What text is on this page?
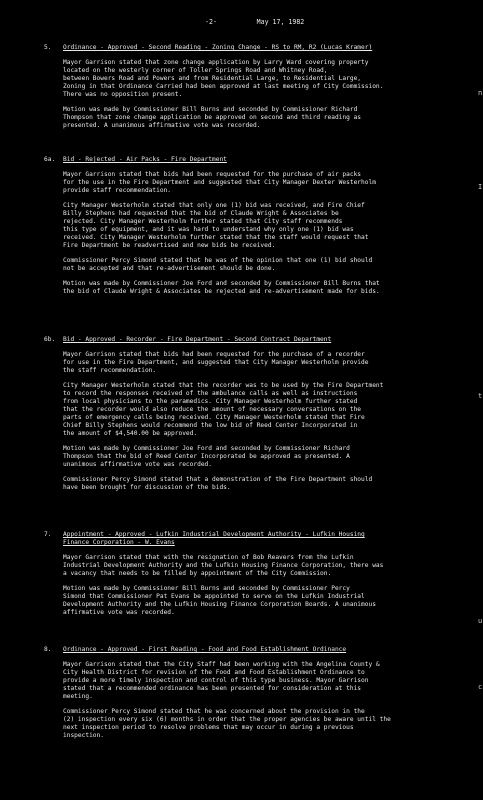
-2-	May 17, 1982
5. Ordinance - Approved - Second Reading - Zoning Change - RS to RM, R2 (Lucas Kramer)
Mayor Garrison stated that zone change application by Larry Ward covering property
located on the westerly corner of Toller Springs Road and Whitney Road,
between Bowers Road and Powers and from Residential Large, to Residential Large,
Zoning in that Ordinance Carried had been approved at last meeting of City Commission.
There was no opposition present.
Motion was made by Commissioner Bill Burns and seconded by Commissioner Richard
Thompson that zone change application be approved on second and third reading as
presented. A unanimous affirmative vote was recorded.
6a. Bid - Rejected - Air Packs - Fire Department
Mayor Garrison stated that bids had been requested for the purchase of air packs
for the use in the Fire Department and suggested that City Manager Dexter Westerholm
provide staff recommendation.
City Manager Westerholm stated that only one (1) bid was received, and Fire Chief
Billy Stephens had requested that the bid of Claude Wright & Associates be
rejected. City Manager Westerholm further stated that City staff recommends
this type of equipment, and it was hard to understand why only one (1) bid was
received. City Manager Westerholm further stated that the staff would request that
Fire Department be readvertised and new bids be received.
Commissioner Percy Simond stated that he was of the opinion that one (1) bid should
not be accepted and that re-advertisement should be done.
Motion was made by Commissioner Joe Ford and seconded by Commissioner Bill Burns that
the bid of Claude Wright & Associates be rejected and re-advertisement made for bids.
6b. Bid - Approved - Recorder - Fire Department - Second Contract Department
Mayor Garrison stated that bids had been requested for the purchase of a recorder
for use in the Fire Department, and suggested that City Manager Westerholm provide
the staff recommendation.
City Manager Westerholm stated that the recorder was to be used by the Fire Department
to record the responses received of the ambulance calls as well as instructions
from local physicians to the paramedics. City Manager Westerholm further stated
that the recorder would also reduce the amount of necessary conversations on the
parts of emergency calls being received. City Manager Westerholm stated that Fire
Chief Billy Stephens would recommend the low bid of Reed Center Incorporated in
the amount of $4,540.00 be approved.
Motion was made by Commissioner Joe Ford and seconded by Commissioner Richard
Thompson that the bid of Reed Center Incorporated be approved as presented. A
unanimous affirmative vote was recorded.
Commissioner Percy Simond stated that a demonstration of the Fire Department should
have been brought for discussion of the bids.
7. Appointment - Approved - Lufkin Industrial Development Authority - Lufkin Housing
Finance Corporation - W. Evans
Mayor Garrison stated that with the resignation of Bob Reavers from the Lufkin
Industrial Development Authority and the Lufkin Housing Finance Corporation, there was
a vacancy that needs to be filled by appointment of the City Commission.
Motion was made by Commissioner Bill Burns and seconded by Commissioner Percy
Simond that Commissioner Pat Evans be appointed to serve on the Lufkin Industrial
Development Authority and the Lufkin Housing Finance Corporation Boards. A unanimous
affirmative vote was recorded.
8. Ordinance - Approved - First Reading - Food and Food Establishment Ordinance
Mayor Garrison stated that the City Staff had been working with the Angelina County &
City Health District for revision of the Food and Food Establishment Ordinance to
provide a more timely inspection and control of this type business. Mayor Garrison
stated that a recommended ordinance has been presented for consideration at this
meeting.
Commissioner Percy Simond stated that he was concerned about the provision in the
(2) inspection every six (6) months in order that the proper agencies be aware until the
next inspection period to resolve problems that may occur in during a previous
inspection.
n
I
t
u
c
